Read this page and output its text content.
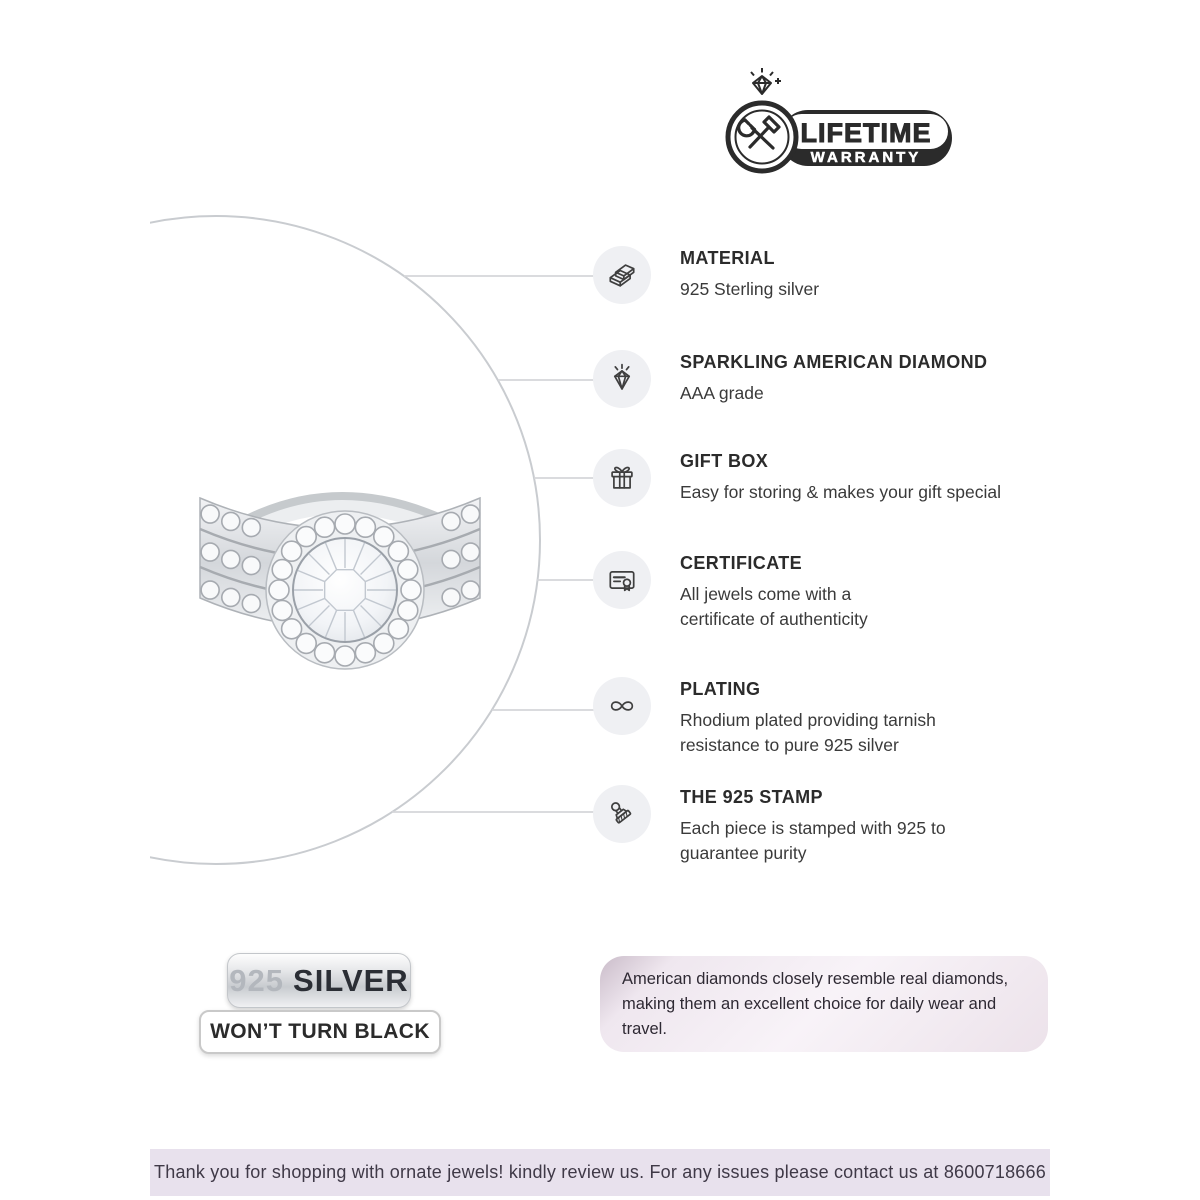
LIFETIME
WARRANTY
MATERIAL

925 Sterling silver

SPARKLING AMERICAN DIAMOND

AAA grade

GIFT BOX

Easy for storing & makes your gift special

CERTIFICATE

All jewels come with a certificate of authenticity

PLATING

Rhodium plated providing tarnish resistance to pure 925 silver

THE 925 STAMP

Each piece is stamped with 925 to guarantee purity

925 SILVER
WON’T TURN BLACK

American diamonds closely resemble real diamonds, making them an excellent choice for daily wear and travel.

Thank you for shopping with ornate jewels! kindly review us. For any issues please contact us at 8600718666
